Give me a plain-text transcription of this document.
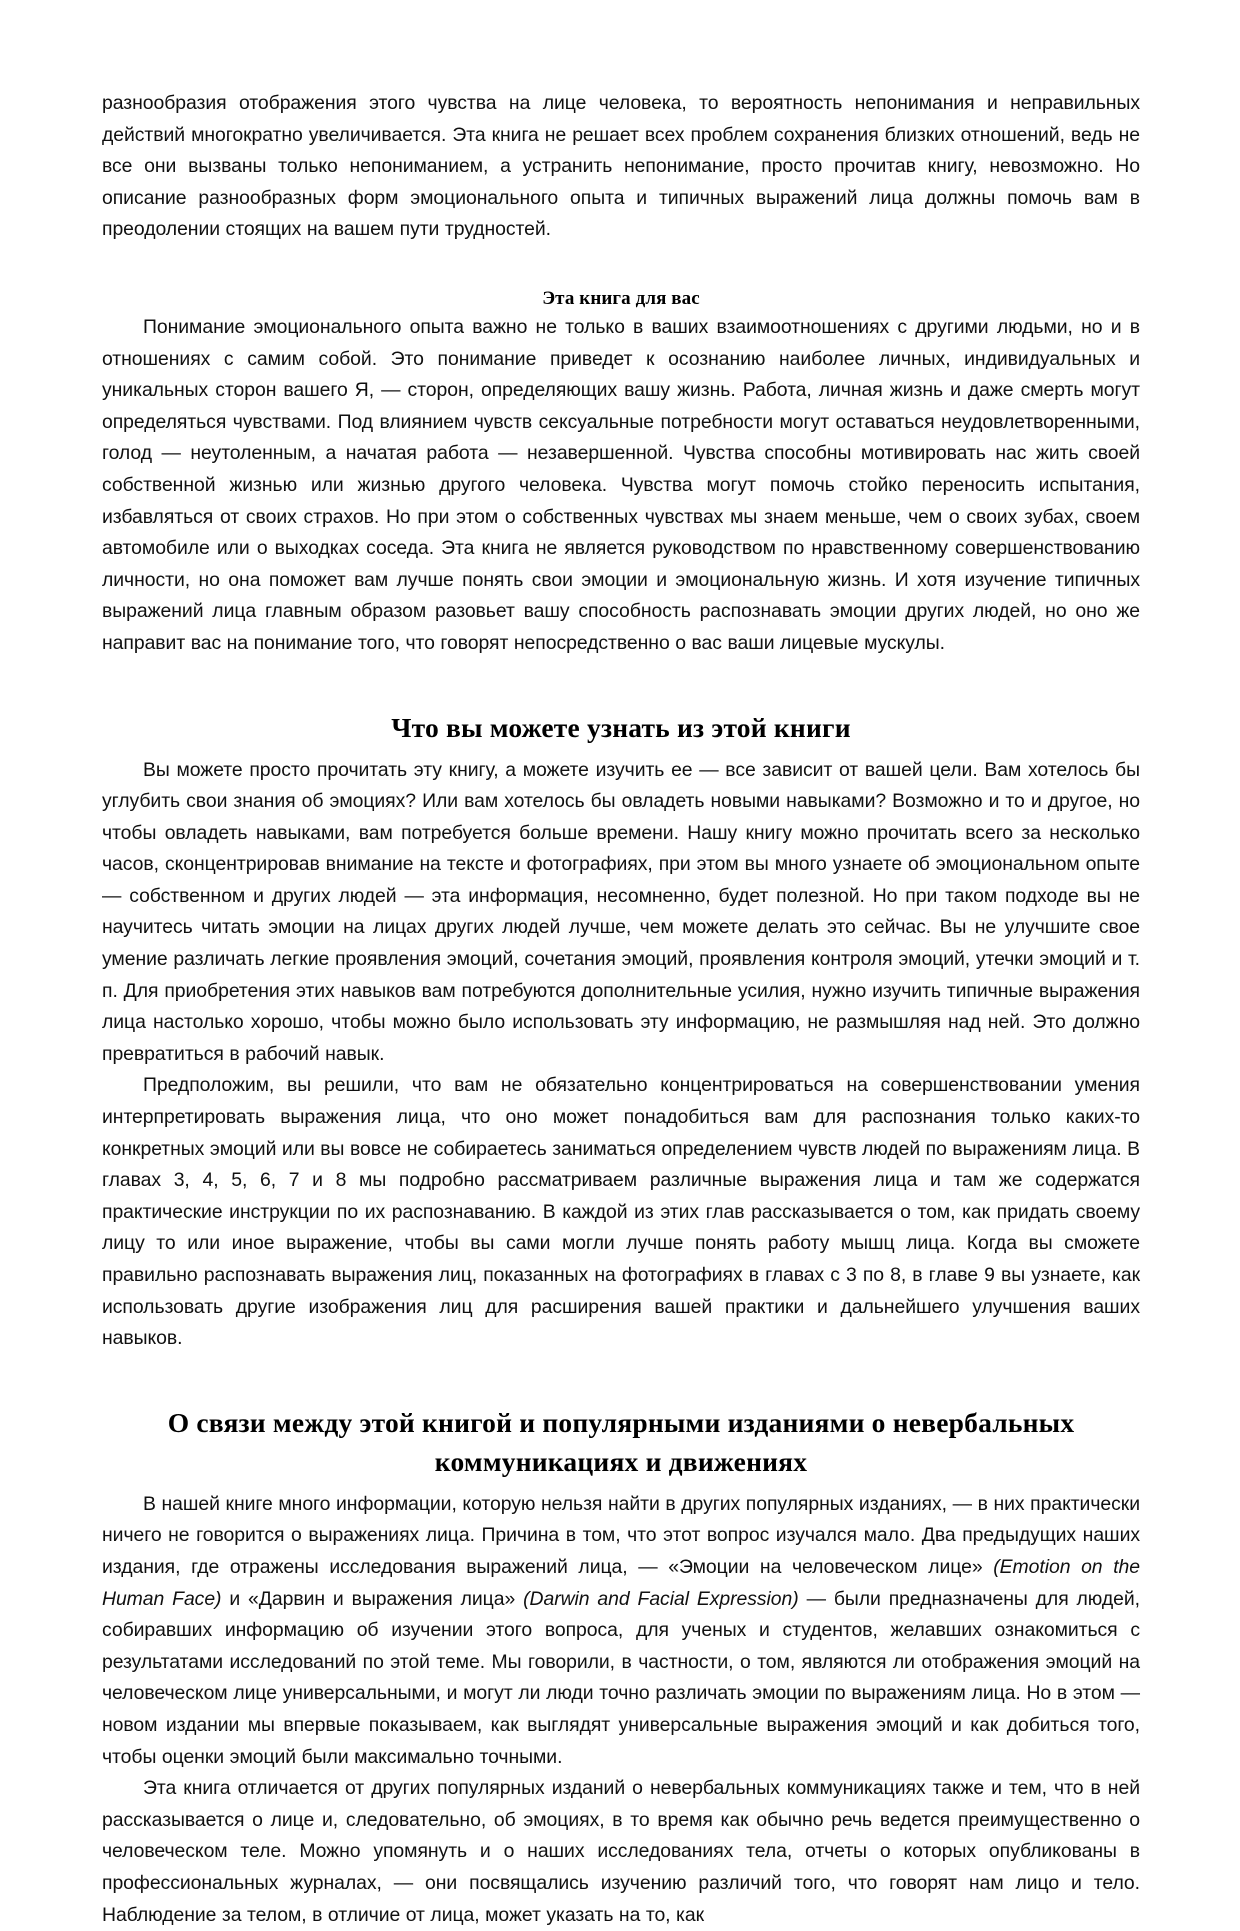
разнообразия отображения этого чувства на лице человека, то вероятность непонимания и неправильных действий многократно увеличивается. Эта книга не решает всех проблем сохранения близких отношений, ведь не все они вызваны только непониманием, а устранить непонимание, просто прочитав книгу, невозможно. Но описание разнообразных форм эмоционального опыта и типичных выражений лица должны помочь вам в преодолении стоящих на вашем пути трудностей.

Эта книга для вас

Понимание эмоционального опыта важно не только в ваших взаимоотношениях с другими людьми, но и в отношениях с самим собой. Это понимание приведет к осознанию наиболее личных, индивидуальных и уникальных сторон вашего Я, — сторон, определяющих вашу жизнь. Работа, личная жизнь и даже смерть могут определяться чувствами. Под влиянием чувств сексуальные потребности могут оставаться неудовлетворенными, голод — неутоленным, а начатая работа — незавершенной. Чувства способны мотивировать нас жить своей собственной жизнью или жизнью другого человека. Чувства могут помочь стойко переносить испытания, избавляться от своих страхов. Но при этом о собственных чувствах мы знаем меньше, чем о своих зубах, своем автомобиле или о выходках соседа. Эта книга не является руководством по нравственному совершенствованию личности, но она поможет вам лучше понять свои эмоции и эмоциональную жизнь. И хотя изучение типичных выражений лица главным образом разовьет вашу способность распознавать эмоции других людей, но оно же направит вас на понимание того, что говорят непосредственно о вас ваши лицевые мускулы.

Что вы можете узнать из этой книги

Вы можете просто прочитать эту книгу, а можете изучить ее — все зависит от вашей цели. Вам хотелось бы углубить свои знания об эмоциях? Или вам хотелось бы овладеть новыми навыками? Возможно и то и другое, но чтобы овладеть навыками, вам потребуется больше времени. Нашу книгу можно прочитать всего за несколько часов, сконцентрировав внимание на тексте и фотографиях, при этом вы много узнаете об эмоциональном опыте — собственном и других людей — эта информация, несомненно, будет полезной. Но при таком подходе вы не научитесь читать эмоции на лицах других людей лучше, чем можете делать это сейчас. Вы не улучшите свое умение различать легкие проявления эмоций, сочетания эмоций, проявления контроля эмоций, утечки эмоций и т. п. Для приобретения этих навыков вам потребуются дополнительные усилия, нужно изучить типичные выражения лица настолько хорошо, чтобы можно было использовать эту информацию, не размышляя над ней. Это должно превратиться в рабочий навык.

Предположим, вы решили, что вам не обязательно концентрироваться на совершенствовании умения интерпретировать выражения лица, что оно может понадобиться вам для распознания только каких-то конкретных эмоций или вы вовсе не собираетесь заниматься определением чувств людей по выражениям лица. В главах 3, 4, 5, 6, 7 и 8 мы подробно рассматриваем различные выражения лица и там же содержатся практические инструкции по их распознаванию. В каждой из этих глав рассказывается о том, как придать своему лицу то или иное выражение, чтобы вы сами могли лучше понять работу мышц лица. Когда вы сможете правильно распознавать выражения лиц, показанных на фотографиях в главах с 3 по 8, в главе 9 вы узнаете, как использовать другие изображения лиц для расширения вашей практики и дальнейшего улучшения ваших навыков.

О связи между этой книгой и популярными изданиями о невербальных
коммуникациях и движениях

В нашей книге много информации, которую нельзя найти в других популярных изданиях, — в них практически ничего не говорится о выражениях лица. Причина в том, что этот вопрос изучался мало. Два предыдущих наших издания, где отражены исследования выражений лица, — «Эмоции на человеческом лице» (Emotion on the Human Face) и «Дарвин и выражения лица» (Darwin and Facial Expression) — были предназначены для людей, собиравших информацию об изучении этого вопроса, для ученых и студентов, желавших ознакомиться с результатами исследований по этой теме. Мы говорили, в частности, о том, являются ли отображения эмоций на человеческом лице универсальными, и могут ли люди точно различать эмоции по выражениям лица. Но в этом — новом издании мы впервые показываем, как выглядят универсальные выражения эмоций и как добиться того, чтобы оценки эмоций были максимально точными.

Эта книга отличается от других популярных изданий о невербальных коммуникациях также и тем, что в ней рассказывается о лице и, следовательно, об эмоциях, в то время как обычно речь ведется преимущественно о человеческом теле. Можно упомянуть и о наших исследованиях тела, отчеты о которых опубликованы в профессиональных журналах, — они посвящались изучению различий того, что говорят нам лицо и тело. Наблюдение за телом, в отличие от лица, может указать на то, как
